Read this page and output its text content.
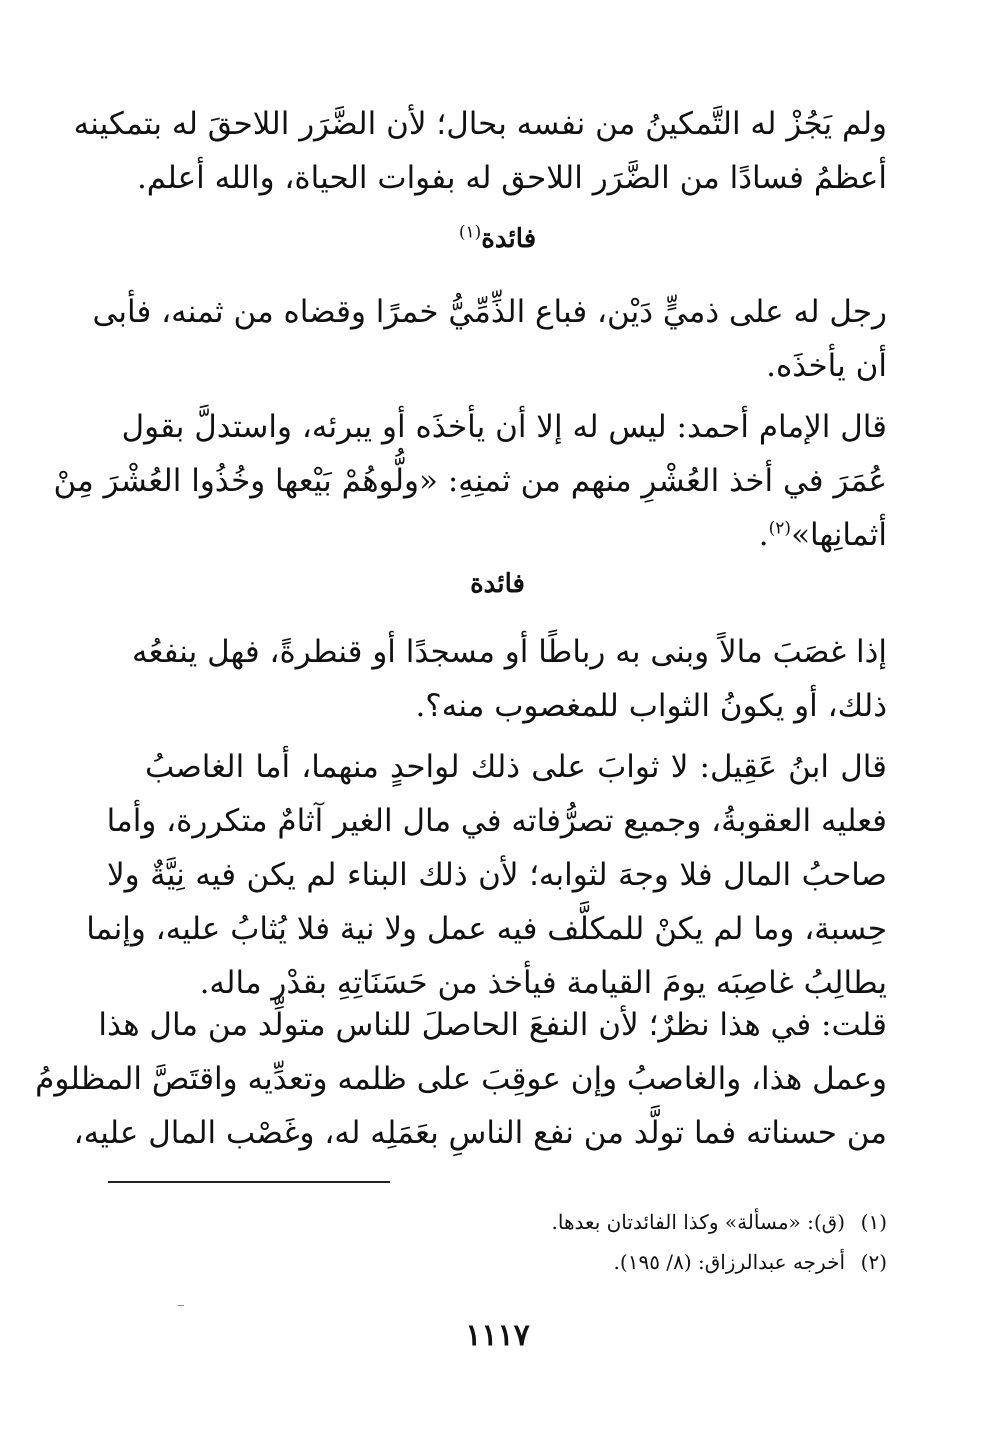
ولم يَجُزْ له التَّمكينُ من نفسه بحال؛ لأن الضَّرَر اللاحقَ له بتمكينه
أعظمُ فسادًا من الضَّرَر اللاحق له بفوات الحياة، والله أعلم.
فائدة$^{(١)}$
رجل له على ذميٍّ دَيْن، فباع الذِّمِّيُّ خمرًا وقضاه من ثمنه، فأبى
أن يأخذَه.
قال الإمام أحمد: ليس له إلا أن يأخذَه أو يبرئه، واستدلَّ بقول
عُمَرَ في أخذ العُشْرِ منهم من ثمنِهِ: «ولُّوهُمْ بَيْعها وخُذُوا العُشْرَ مِنْ
أثمانِها»$^{(٢)}$.
فائدة
إذا غصَبَ مالاً وبنى به رباطًا أو مسجدًا أو قنطرةً، فهل ينفعُه
ذلك، أو يكونُ الثواب للمغصوب منه؟.
قال ابنُ عَقِيل: لا ثوابَ على ذلك لواحدٍ منهما، أما الغاصبُ
فعليه العقوبةُ، وجميع تصرُّفاته في مال الغير آثامٌ متكررة، وأما
صاحبُ المال فلا وجهَ لثوابه؛ لأن ذلك البناء لم يكن فيه نِيَّةٌ ولا
حِسبة، وما لم يكنْ للمكلَّف فيه عمل ولا نية فلا يُثابُ عليه، وإنما
يطالِبُ غاصِبَه يومَ القيامة فيأخذ من حَسَنَاتِهِ بقدْر ماله.
قلت: في هذا نظرٌ؛ لأن النفعَ الحاصلَ للناس متولِّد من مال هذا
وعمل هذا، والغاصبُ وإن عوقِبَ على ظلمه وتعدِّيه واقتَصَّ المظلومُ
من حسناته فما تولَّد من نفع الناسِ بعَمَلِه له، وغَصْب المال عليه،
(١)(ق): «مسألة» وكذا الفائدتان بعدها.
(٢)أخرجه عبدالرزاق: (٨/ ١٩٥).
١١١٧
